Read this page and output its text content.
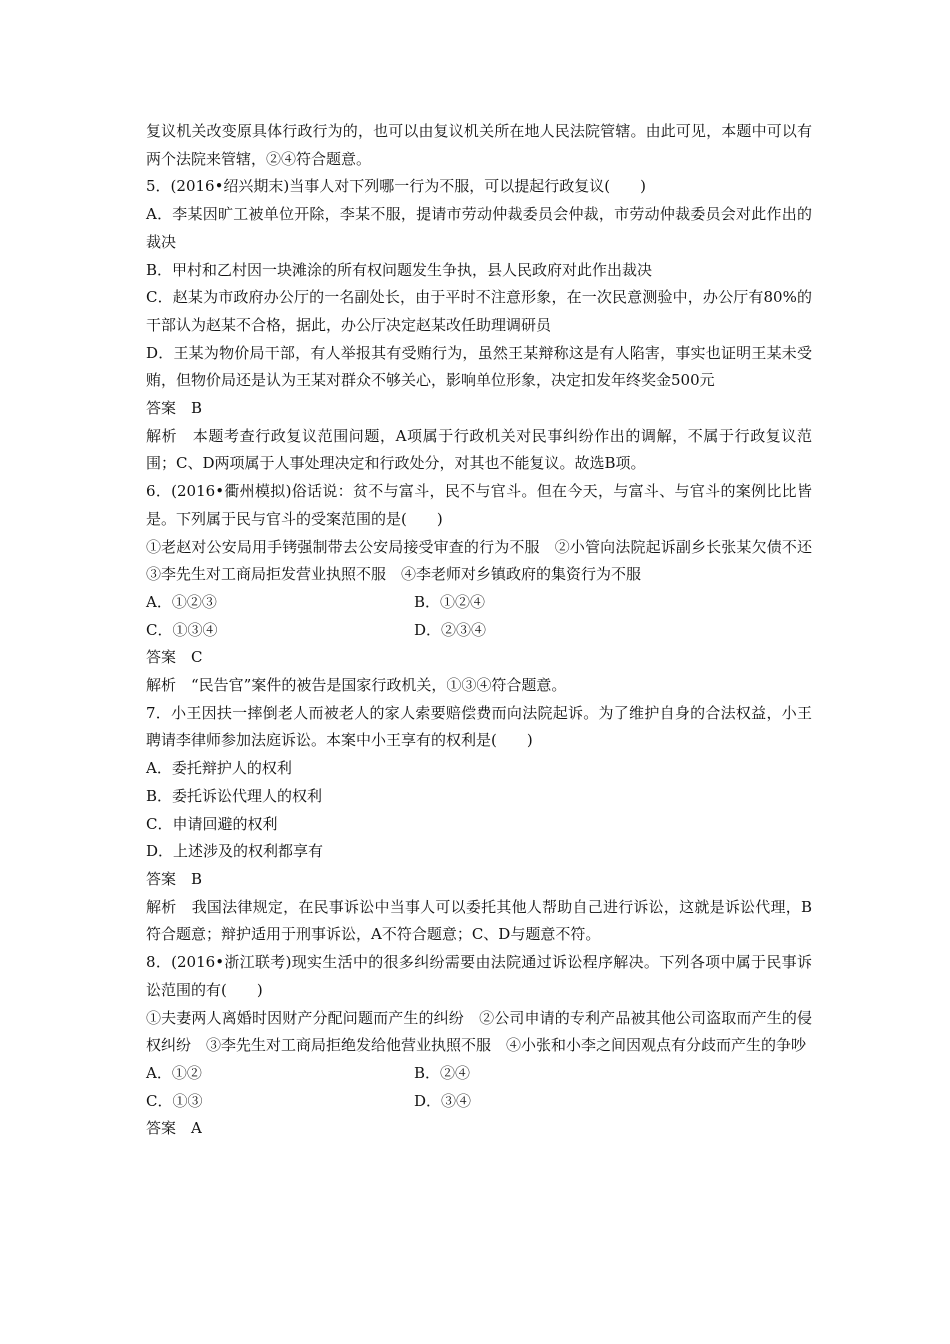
复议机关改变原具体行政行为的，也可以由复议机关所在地人民法院管辖。由此可见，本题中可以有两个法院来管辖，②④符合题意。

5．(2016•绍兴期末)当事人对下列哪一行为不服，可以提起行政复议(　　)

A．李某因旷工被单位开除，李某不服，提请市劳动仲裁委员会仲裁，市劳动仲裁委员会对此作出的裁决

B．甲村和乙村因一块滩涂的所有权问题发生争执，县人民政府对此作出裁决

C．赵某为市政府办公厅的一名副处长，由于平时不注意形象，在一次民意测验中，办公厅有80%的干部认为赵某不合格，据此，办公厅决定赵某改任助理调研员

D．王某为物价局干部，有人举报其有受贿行为，虽然王某辩称这是有人陷害，事实也证明王某未受贿，但物价局还是认为王某对群众不够关心，影响单位形象，决定扣发年终奖金500元

答案　B

解析　本题考查行政复议范围问题，A项属于行政机关对民事纠纷作出的调解，不属于行政复议范围；C、D两项属于人事处理决定和行政处分，对其也不能复议。故选B项。

6．(2016•衢州模拟)俗话说：贫不与富斗，民不与官斗。但在今天，与富斗、与官斗的案例比比皆是。下列属于民与官斗的受案范围的是(　　)

①老赵对公安局用手铐强制带去公安局接受审查的行为不服　②小管向法院起诉副乡长张某欠债不还　③李先生对工商局拒发营业执照不服　④李老师对乡镇政府的集资行为不服

A．①②③	B．①②④
C．①③④	D．②③④

答案　C

解析　“民告官”案件的被告是国家行政机关，①③④符合题意。

7．小王因扶一摔倒老人而被老人的家人索要赔偿费而向法院起诉。为了维护自身的合法权益，小王聘请李律师参加法庭诉讼。本案中小王享有的权利是(　　)

A．委托辩护人的权利

B．委托诉讼代理人的权利

C．申请回避的权利

D．上述涉及的权利都享有

答案　B

解析　我国法律规定，在民事诉讼中当事人可以委托其他人帮助自己进行诉讼，这就是诉讼代理，B符合题意；辩护适用于刑事诉讼，A不符合题意；C、D与题意不符。

8．(2016•浙江联考)现实生活中的很多纠纷需要由法院通过诉讼程序解决。下列各项中属于民事诉讼范围的有(　　)

①夫妻两人离婚时因财产分配问题而产生的纠纷　②公司申请的专利产品被其他公司盗取而产生的侵权纠纷　③李先生对工商局拒绝发给他营业执照不服　④小张和小李之间因观点有分歧而产生的争吵

A．①②	B．②④
C．①③	D．③④

答案　A
